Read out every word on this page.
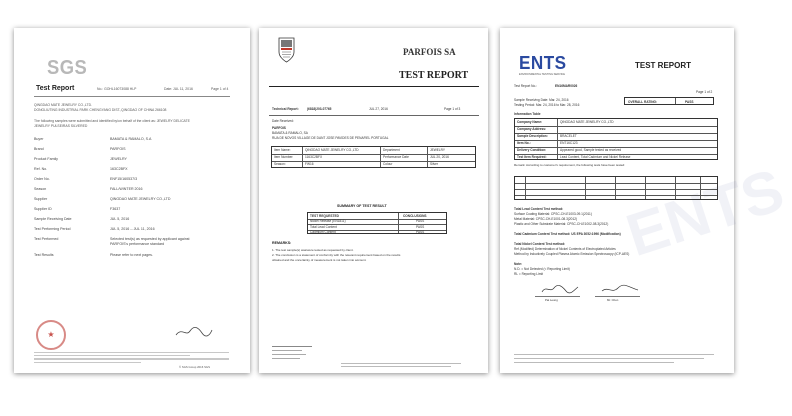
SGS
Test Report	No.: GOHL16073088 HLP	Date: JUL 11, 2016	Page 1 of 4
QINGDAO MATE JEWELRY CO.,LTD.
DONGLIUTING INDUSTRIAL PARK CHENGYANG DIST.,QINGDAO OF CHINA 266108
The following samples were submitted and identified by/on behalf of the client as: JEWELRY DELICATE
JEWELRY PULSEIRAS SILVERED
Buyer	BAMATA & RAMALO, S.A
Brand	PARFOIS
Product Family	JEWELRY
Ref. No.	163C2BFX
Order No.	ENF15/160537/3
Season	FALL/WINTER 2016
Supplier	QINGDAO MATE JEWELRY CO.,LTD
Supplier ID	F3637
Sample Receiving Date	JUL 5, 2016
Test Performing Period	JUL 5, 2016 -- JUL 11, 2016
Test Performed	Selected test(s) as requested by applicant against
PARFOIS's performance standard
Test Results	Please refer to next pages.
★
© SGS Group 2016 SGS
PARFOIS SA
TEST REPORT
Technical Report:	(6818)203-07765	JUL 27, 2016	Page 1 of 3
Date Received:
PARFOIS
BAMATA & RAMALO, SA
RUA DE NOVOS VILLAGE DE DANT JOSE PAVIDES DE PENAFIEL PORTUGAL
Item Name:	QINGDAO MATE JEWELRY CO.,LTD	Department	JEWELRY
Item Number:	1163C2BFX	Performance Date	JUL 20, 2016
Season:	FW16	Colour	Silver
SUMMARY OF TEST RESULT
TEST REQUESTED	CONCLUSIONS
Nickel Release (EN1811)	PASS
Total Lead Content	PASS
Cadmium Content	PASS
REMARKS:
1. The test sample(s) was/were tested as requested by client.
2. The conclusion is a statement of conformity with the relevant requirement based on the results
obtained and the uncertainty of measurement is not taken into account.	ENTS
ENTS
ENVIRONMENTAL TESTING SERVICE
TEST REPORT
Test Report No.:	EN16MAR0026
Page 1 of 2
Sample Receiving Date: Mar. 24, 2016
Testing Period: Mar. 24, 2016 to Mar. 28, 2016
OVERALL RATING:	PASS
Information Table
Company Name:	QINGDAO MATE JEWELRY CO.,LTD
Company Address:
Sample Description:	BRACELET
Item No.:	ENT16C123
Delivery Condition:	Appeared good, Sample tested as received
Test Item Required:	Lead Content, Total Cadmium and Nickel Release
Remark: According to customer's requirement, the following tests have been tested:
Total Lead Content Test method:
Surface Coating Material: CPSC-CH-E1003-09.1(2011)
Metal Material: CPSC-CH-E1001-08.3(2012)
Plastic and Other Substrate Material: CPSC-CH-E1002-08.3(2012)
Total Cadmium Content Test method: US EPA 3052:1996 (Modification)
Total Nickel Content Test method:
Ref.(Modified) Determination of Nickel Contents of Electroplated Articles
Method by Inductively Coupled Plasma Atomic Emission Spectroscopy (ICP-AES)
Note:
N.D. = Not Detected (< Reporting Limit)
RL = Reporting Limit
Pat Leung	Mr. Chen
